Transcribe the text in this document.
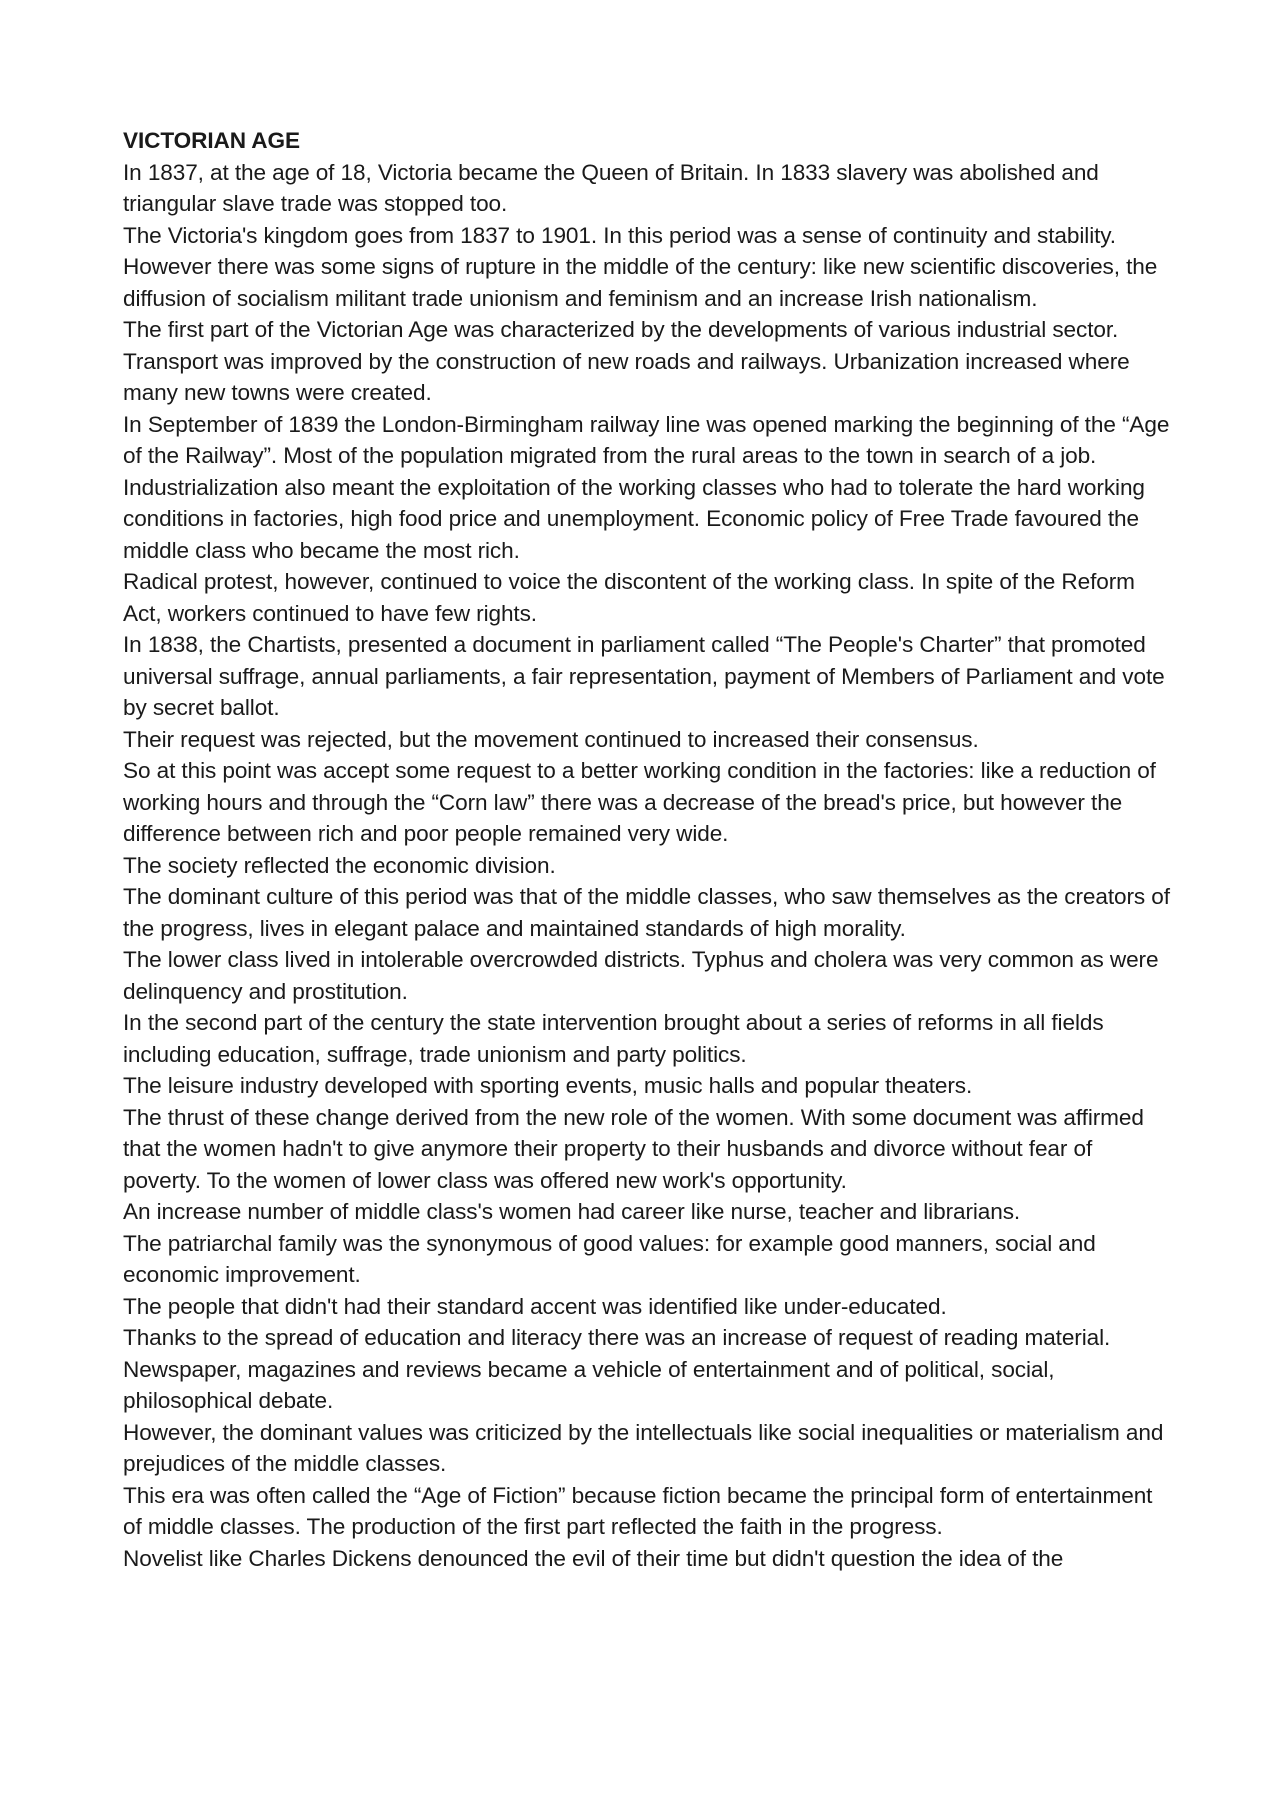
VICTORIAN AGE
In 1837, at the age of 18, Victoria became the Queen of Britain. In 1833 slavery was abolished and triangular slave trade was stopped too.
The Victoria's kingdom goes from 1837 to 1901. In this period was a sense of continuity and stability. However there was some signs of rupture in the middle of the century: like new scientific discoveries, the diffusion of socialism militant trade unionism and feminism and an increase Irish nationalism.
The first part of the Victorian Age was characterized by the developments of various industrial sector. Transport was improved by the construction of new roads and railways. Urbanization increased where many new towns were created.
In September of 1839 the London-Birmingham railway line was opened marking the beginning of the “Age of the Railway”. Most of the population migrated from the rural areas to the town in search of a job.
Industrialization also meant the exploitation of the working classes who had to tolerate the hard working conditions in factories, high food price and unemployment. Economic policy of Free Trade favoured the middle class who became the most rich.
Radical protest, however, continued to voice the discontent of the working class. In spite of the Reform Act, workers continued to have few rights.
In 1838, the Chartists, presented a document in parliament called “The People's Charter” that promoted universal suffrage, annual parliaments, a fair representation, payment of Members of Parliament and vote by secret ballot.
Their request was rejected, but the movement continued to increased their consensus.
So at this point was accept some request to a better working condition in the factories: like a reduction of working hours and through the “Corn law” there was a decrease of the bread's price, but however the difference between rich and poor people remained very wide.
The society reflected the economic division.
The dominant culture of this period was that of the middle classes, who saw themselves as the creators of the progress, lives in elegant palace and maintained standards of high morality.
The lower class lived in intolerable overcrowded districts. Typhus and cholera was very common as were delinquency and prostitution.
In the second part of the century the state intervention brought about a series of reforms in all fields including education, suffrage, trade unionism and party politics.
The leisure industry developed with sporting events, music halls and popular theaters.
The thrust of these change derived from the new role of the women. With some document was affirmed that the women hadn't to give anymore their property to their husbands and divorce without fear of poverty. To the women of lower class was offered new work's opportunity.
An increase number of middle class's women had career like nurse, teacher and librarians.
The patriarchal family was the synonymous of good values: for example good manners, social and economic improvement.
The people that didn't had their standard accent was identified like under-educated.
Thanks to the spread of education and literacy there was an increase of request of reading material.
Newspaper, magazines and reviews became a vehicle of entertainment and of political, social, philosophical debate.
However, the dominant values was criticized by the intellectuals like social inequalities or materialism and prejudices of the middle classes.
This era was often called the “Age of Fiction” because fiction became the principal form of entertainment of middle classes. The production of the first part reflected the faith in the progress.
Novelist like Charles Dickens denounced the evil of their time but didn't question the idea of the
